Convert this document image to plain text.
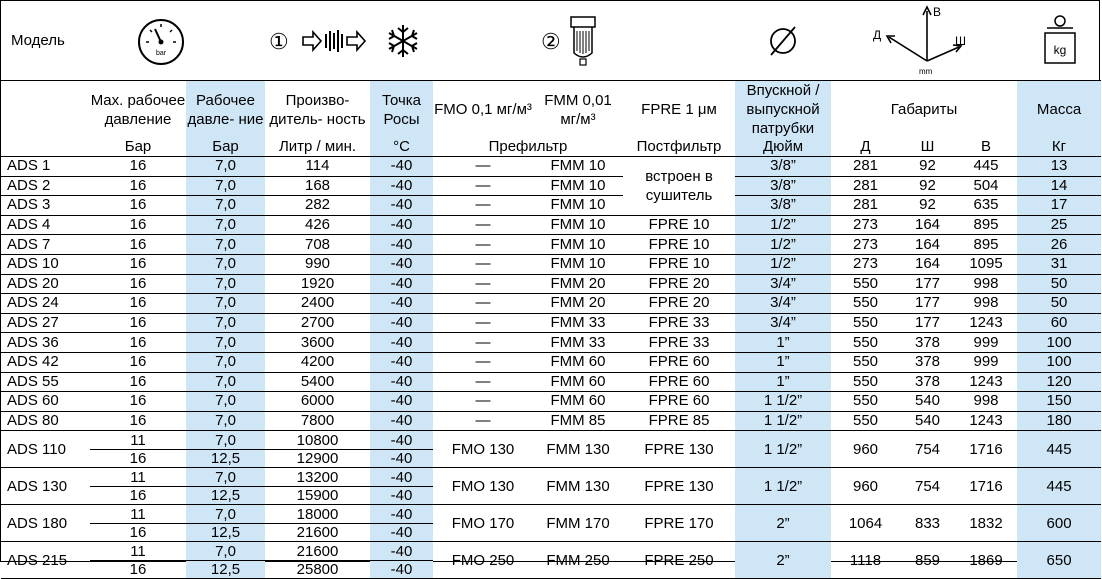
Модель
bar	①	②
В
Д	Ш
mm
kg
	Max. рабочее давление	Рабочее давле- ние	Произво- дитель- ность	Точка Росы	FMO 0,1 мг/м³	FMM 0,01 мг/м³	FPRE 1 μм	Впускной / выпускной патрубки	Габариты			Масса
	Бар	Бар	Литр / мин.	°C	Префильтр		Постфильтр	Дюйм	Д	Ш	В	Кг
ADS 1	16	7,0	114	-40	—	FMM 10	встроен в сушитель	3/8”	281	92	445	13
ADS 2	16	7,0	168	-40	—	FMM 10		3/8”	281	92	504	14
ADS 3	16	7,0	282	-40	—	FMM 10		3/8”	281	92	635	17
ADS 4	16	7,0	426	-40	—	FMM 10	FPRE 10	1/2”	273	164	895	25
ADS 7	16	7,0	708	-40	—	FMM 10	FPRE 10	1/2”	273	164	895	26
ADS 10	16	7,0	990	-40	—	FMM 10	FPRE 10	1/2”	273	164	1095	31
ADS 20	16	7,0	1920	-40	—	FMM 20	FPRE 20	3/4”	550	177	998	50
ADS 24	16	7,0	2400	-40	—	FMM 20	FPRE 20	3/4”	550	177	998	50
ADS 27	16	7,0	2700	-40	—	FMM 33	FPRE 33	3/4”	550	177	1243	60
ADS 36	16	7,0	3600	-40	—	FMM 33	FPRE 33	1”	550	378	999	100
ADS 42	16	7,0	4200	-40	—	FMM 60	FPRE 60	1”	550	378	999	100
ADS 55	16	7,0	5400	-40	—	FMM 60	FPRE 60	1”	550	378	1243	120
ADS 60	16	7,0	6000	-40	—	FMM 60	FPRE 60	1 1/2”	550	540	998	150
ADS 80	16	7,0	7800	-40	—	FMM 85	FPRE 85	1 1/2”	550	540	1243	180
ADS 110	11	7,0	10800	-40	FMO 130	FMM 130	FPRE 130	1 1/2”	960	754	1716	445
	16	12,5	12900	-40								
ADS 130	11	7,0	13200	-40	FMO 130	FMM 130	FPRE 130	1 1/2”	960	754	1716	445
	16	12,5	15900	-40								
ADS 180	11	7,0	18000	-40	FMO 170	FMM 170	FPRE 170	2”	1064	833	1832	600
	16	12,5	21600	-40								
ADS 215	11	7,0	21600	-40	FMO 250	FMM 250	FPRE 250	2”	1118	859	1869	650
	16	12,5	25800	-40								
